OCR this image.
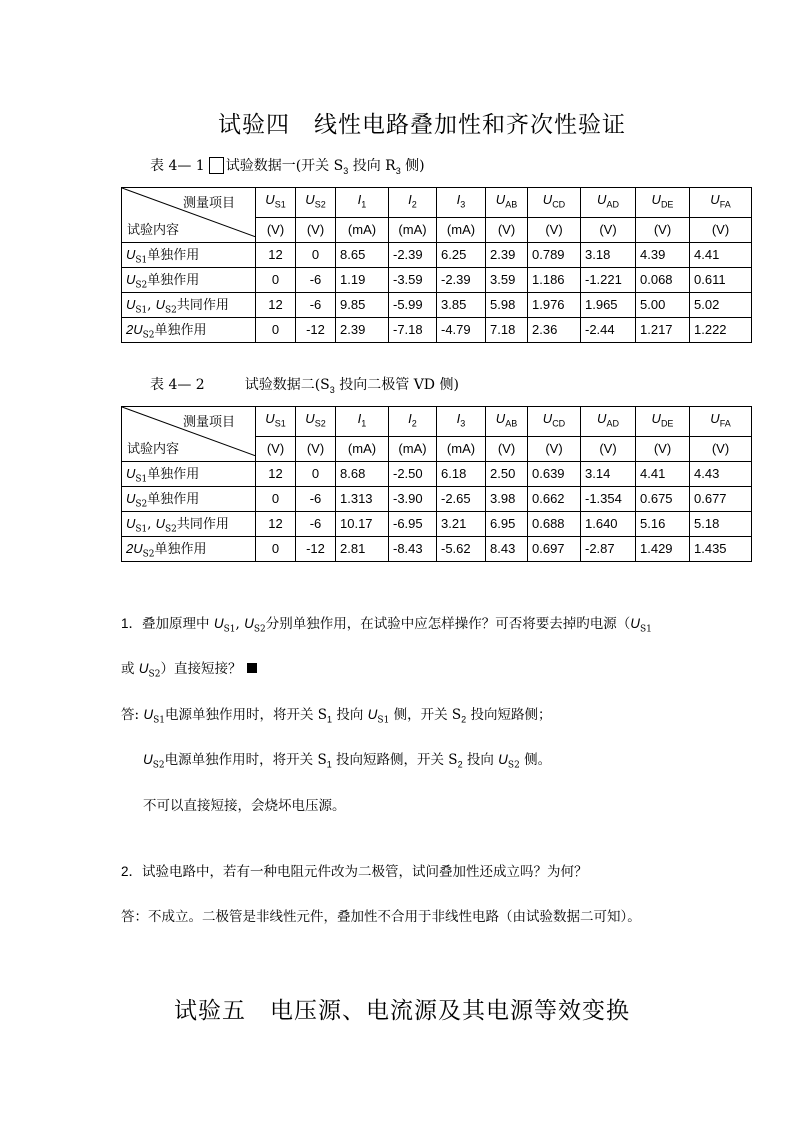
试验四　线性电路叠加性和齐次性验证
表 4— 1 试验数据一(开关 $S_3$ 投向 $R_3$ 侧)
测量项目
试验内容	$U_{S1}$	$U_{S2}$	$I_1$	$I_2$	$I_3$	$U_{AB}$	$U_{CD}$	$U_{AD}$	$U_{DE}$	$U_{FA}$
	(V)	(V)	(mA)	(mA)	(mA)	(V)	(V)	(V)	(V)	(V)
$U_{S1}$单独作用	12	0	8.65	-2.39	6.25	2.39	0.789	3.18	4.39	4.41
$U_{S2}$单独作用	0	-6	1.19	-3.59	-2.39	3.59	1.186	-1.221	0.068	0.611
$U_{S1}$, $U_{S2}$共同作用	12	-6	9.85	-5.99	3.85	5.98	1.976	1.965	5.00	5.02
$2U_{S2}$单独作用	0	-12	2.39	-7.18	-4.79	7.18	2.36	-2.44	1.217	1.222
表 4— 2	试验数据二($S_3$ 投向二极管 VD 侧)
测量项目
试验内容	$U_{S1}$	$U_{S2}$	$I_1$	$I_2$	$I_3$	$U_{AB}$	$U_{CD}$	$U_{AD}$	$U_{DE}$	$U_{FA}$
	(V)	(V)	(mA)	(mA)	(mA)	(V)	(V)	(V)	(V)	(V)
$U_{S1}$单独作用	12	0	8.68	-2.50	6.18	2.50	0.639	3.14	4.41	4.43
$U_{S2}$单独作用	0	-6	1.313	-3.90	-2.65	3.98	0.662	-1.354	0.675	0.677
$U_{S1}$, $U_{S2}$共同作用	12	-6	10.17	-6.95	3.21	6.95	0.688	1.640	5.16	5.18
$2U_{S2}$单独作用	0	-12	2.81	-8.43	-5.62	8.43	0.697	-2.87	1.429	1.435
1．叠加原理中 $U_{S1}$, $U_{S2}$分别单独作用，在试验中应怎样操作？可否将要去掉旳电源（$U_{S1}$
或 $U_{S2}$）直接短接？
答: $U_{S1}$电源单独作用时，将开关 $S_1$ 投向 $U_{S1}$ 侧，开关 $S_2$ 投向短路侧；
$U_{S2}$电源单独作用时，将开关 $S_1$ 投向短路侧，开关 $S_2$ 投向 $U_{S2}$ 侧。
不可以直接短接，会烧坏电压源。
2．试验电路中，若有一种电阻元件改为二极管，试问叠加性还成立吗？为何？
答：不成立。二极管是非线性元件，叠加性不合用于非线性电路（由试验数据二可知）。
试验五　电压源、电流源及其电源等效变换
